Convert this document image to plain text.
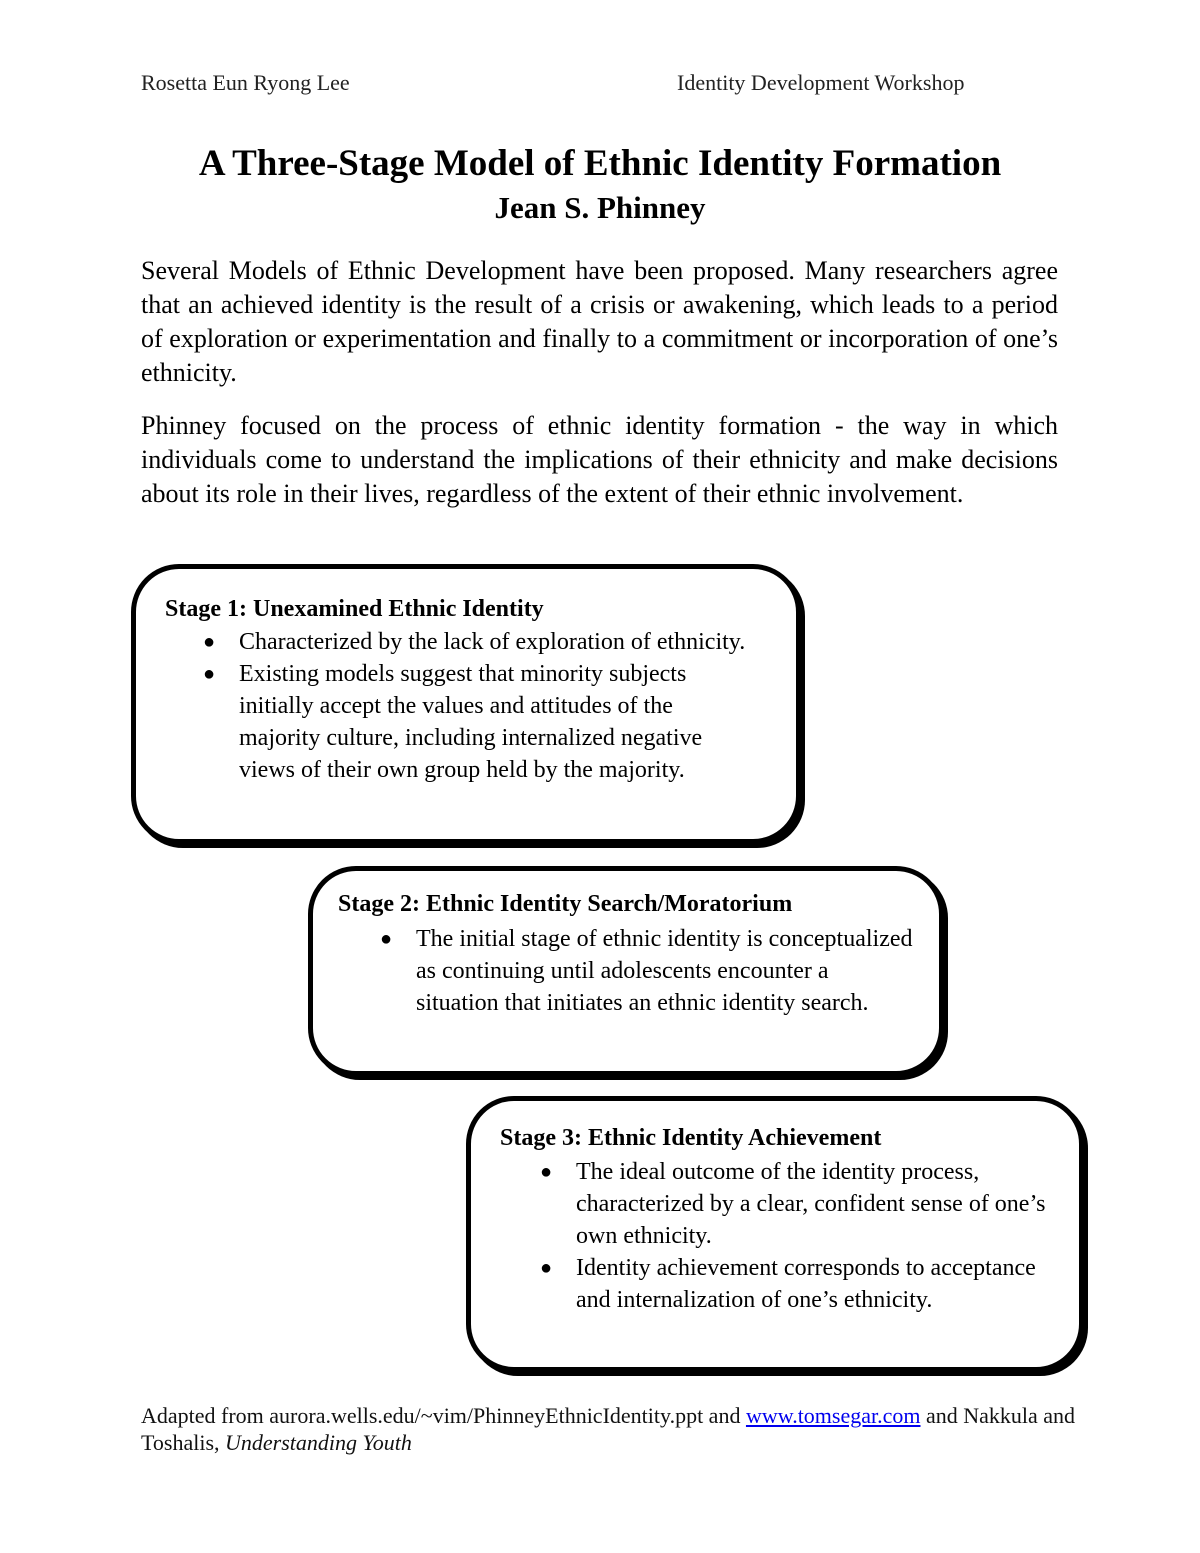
Rosetta Eun Ryong Lee	Identity Development Workshop
A Three-Stage Model of Ethnic Identity Formation
Jean S. Phinney

Several Models of Ethnic Development have been proposed. Many researchers agree that an achieved identity is the result of a crisis or awakening, which leads to a period of exploration or experimentation and finally to a commitment or incorporation of one’s ethnicity.

Phinney focused on the process of ethnic identity formation - the way in which individuals come to understand the implications of their ethnicity and make decisions about its role in their lives, regardless of the extent of their ethnic involvement.

Stage 1: Unexamined Ethnic Identity
● Characterized by the lack of exploration of ethnicity.
● Existing models suggest that minority subjects initially accept the values and attitudes of the majority culture, including internalized negative views of their own group held by the majority.
Stage 2: Ethnic Identity Search/Moratorium
● The initial stage of ethnic identity is conceptualized as continuing until adolescents encounter a situation that initiates an ethnic identity search.
Stage 3: Ethnic Identity Achievement
● The ideal outcome of the identity process, characterized by a clear, confident sense of one’s own ethnicity.
● Identity achievement corresponds to acceptance and internalization of one’s ethnicity.
Adapted from aurora.wells.edu/~vim/PhinneyEthnicIdentity.ppt and www.tomsegar.com and Nakkula and Toshalis, Understanding Youth
